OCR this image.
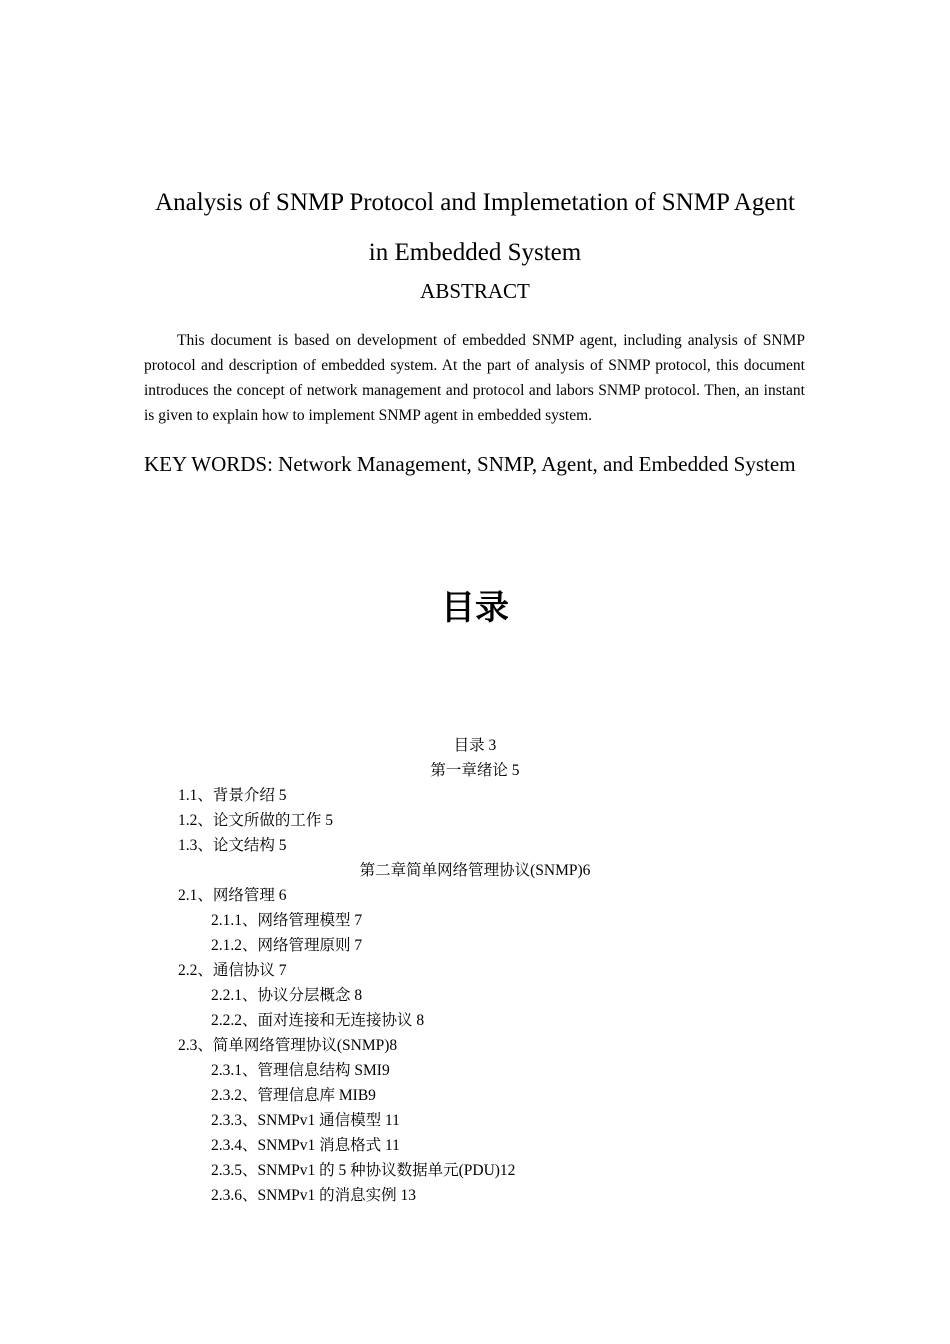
Analysis of SNMP Protocol and Implemetation of SNMP Agent
in Embedded System
ABSTRACT

This document is based on development of embedded SNMP agent, including analysis of SNMP protocol and description of embedded system. At the part of analysis of SNMP protocol, this document introduces the concept of network management and protocol and labors SNMP protocol. Then, an instant is given to explain how to implement SNMP agent in embedded system.

KEY WORDS: Network Management, SNMP, Agent, and Embedded System

目录
目录 3
第一章绪论 5
1.1、背景介绍 5
1.2、论文所做的工作 5
1.3、论文结构 5
第二章简单网络管理协议(SNMP)6
2.1、网络管理 6
2.1.1、网络管理模型 7
2.1.2、网络管理原则 7
2.2、通信协议 7
2.2.1、协议分层概念 8
2.2.2、面对连接和无连接协议 8
2.3、简单网络管理协议(SNMP)8
2.3.1、管理信息结构 SMI9
2.3.2、管理信息库 MIB9
2.3.3、SNMPv1 通信模型 11
2.3.4、SNMPv1 消息格式 11
2.3.5、SNMPv1 的 5 种协议数据单元(PDU)12
2.3.6、SNMPv1 的消息实例 13
